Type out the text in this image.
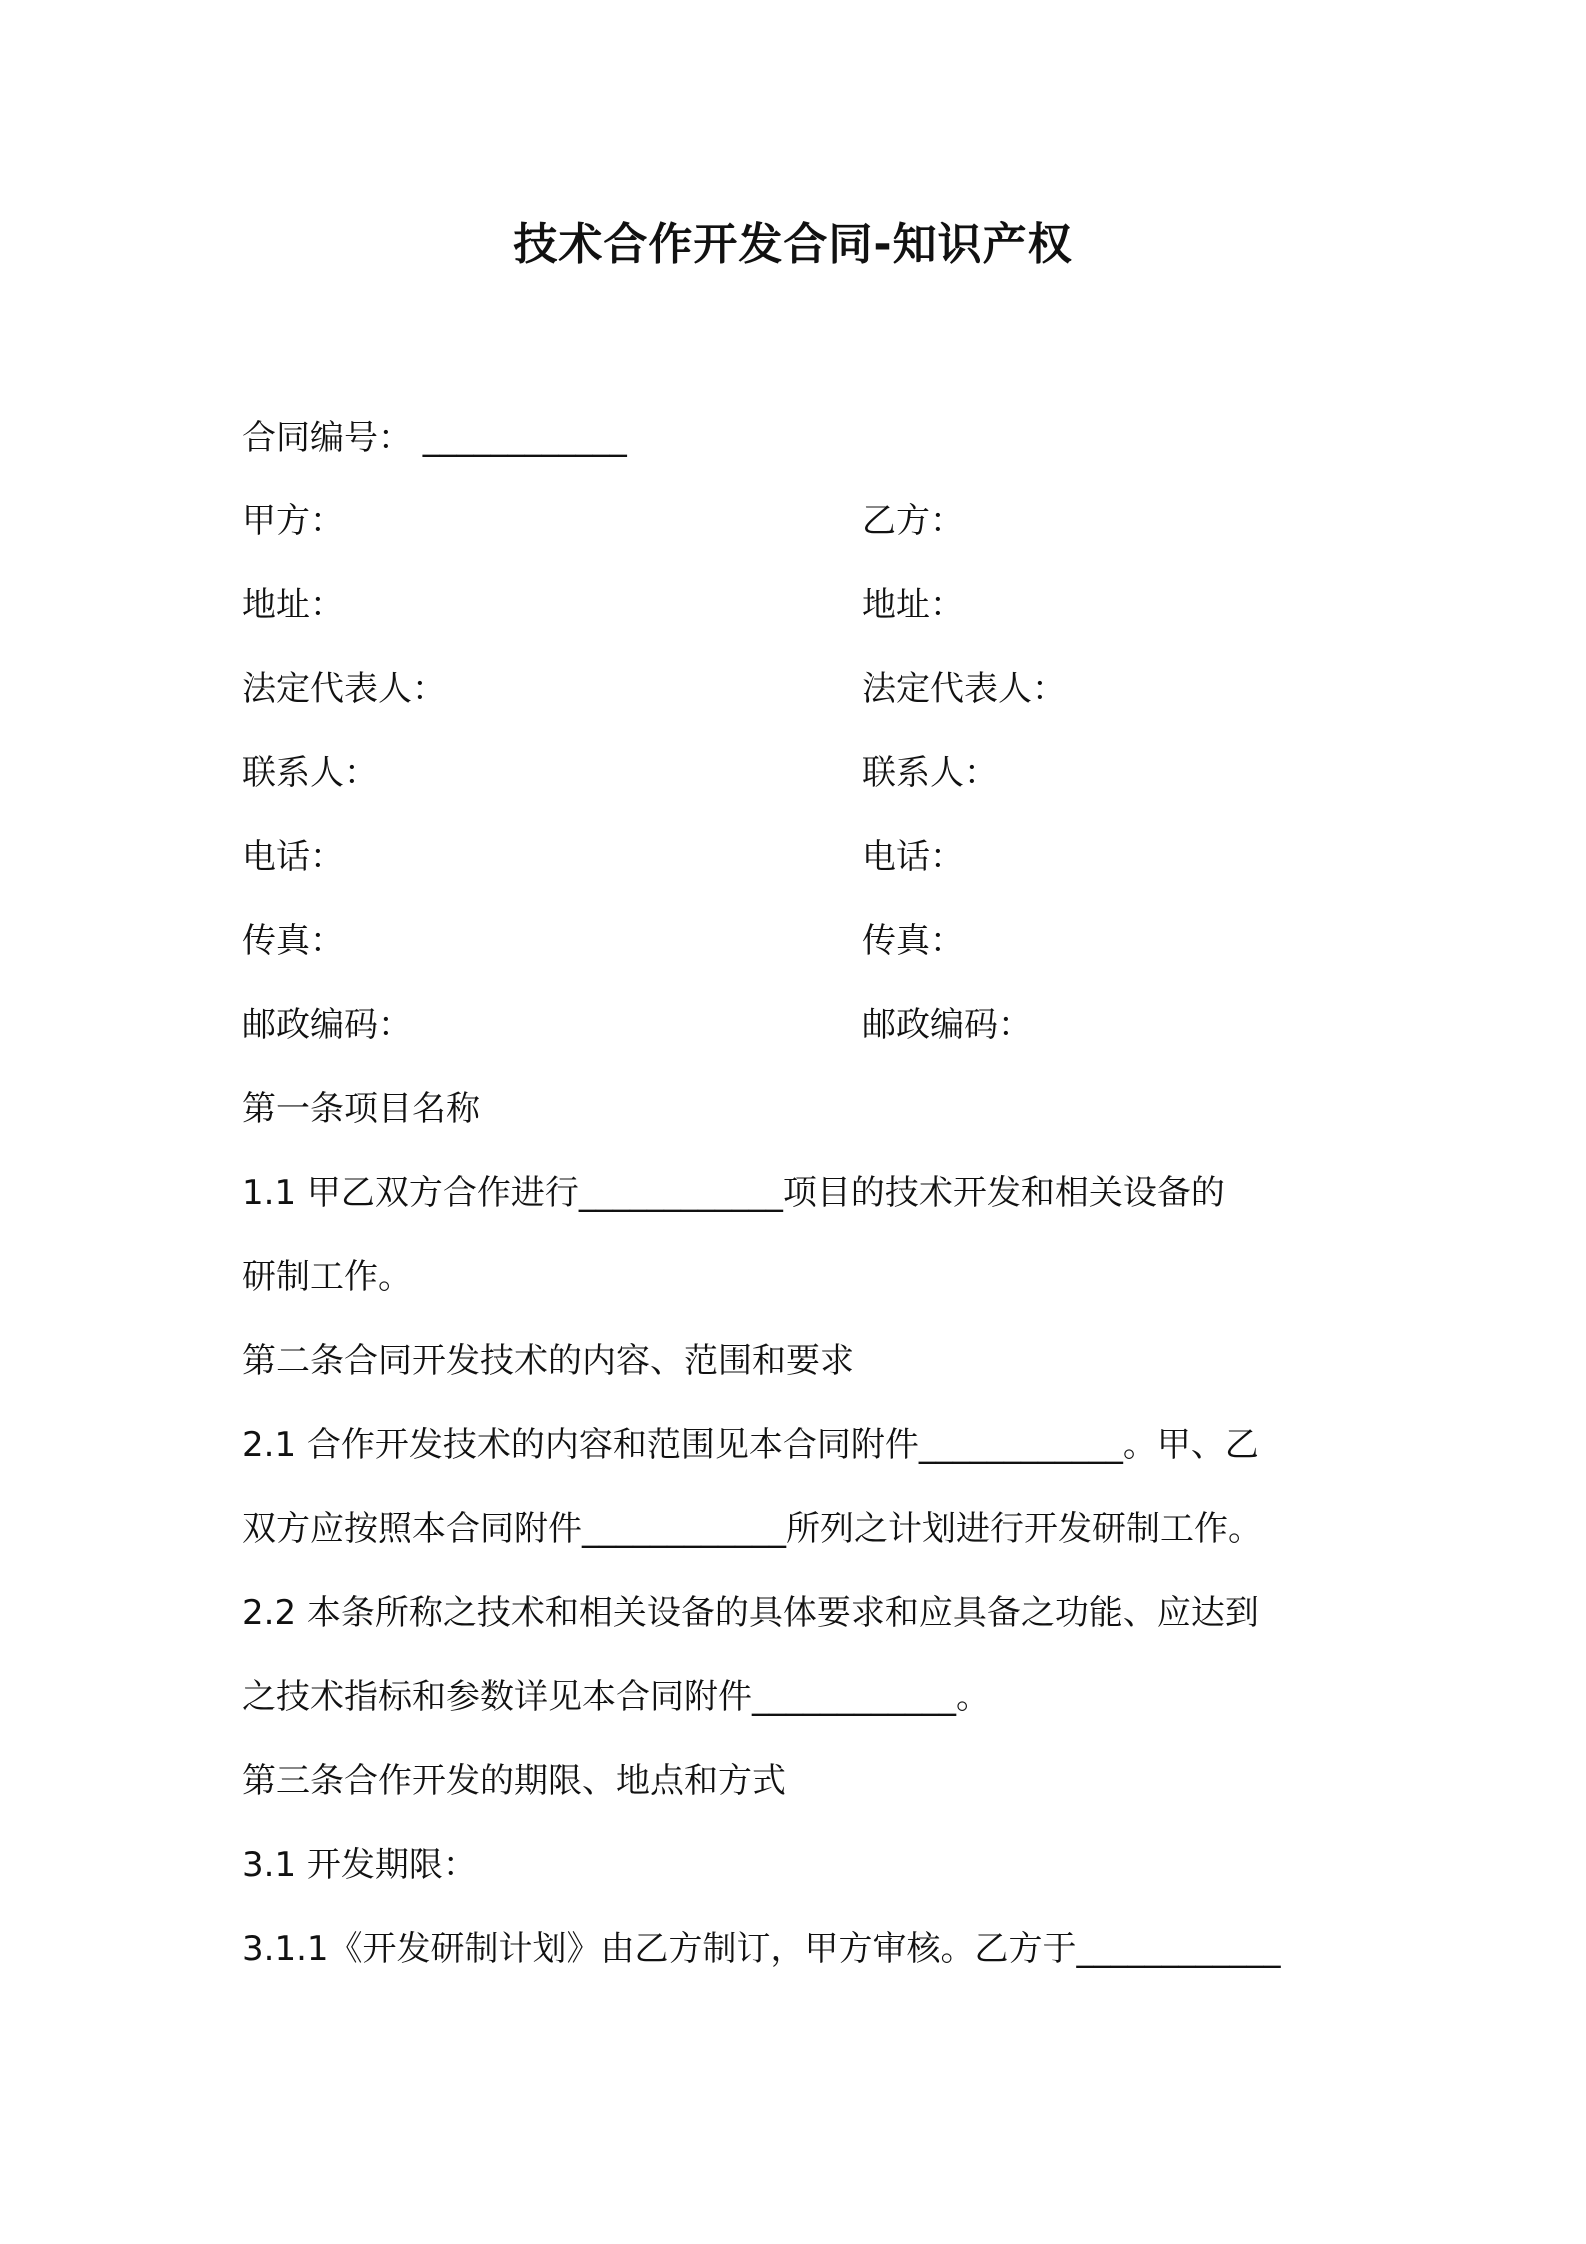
技术合作开发合同-知识产权
合同编号： ____________
甲方：
地址：
法定代表人：
联系人：
电话：
传真：
邮政编码：
乙方：
地址：
法定代表人：
联系人：
电话：
传真：
邮政编码：
第一条项目名称
1.1 甲乙双方合作进行____________项目的技术开发和相关设备的
研制工作。
第二条合同开发技术的内容、范围和要求
2.1 合作开发技术的内容和范围见本合同附件____________。甲、乙
双方应按照本合同附件____________所列之计划进行开发研制工作。
2.2 本条所称之技术和相关设备的具体要求和应具备之功能、应达到
之技术指标和参数详见本合同附件____________。
第三条合作开发的期限、地点和方式
3.1 开发期限：
3.1.1《开发研制计划》由乙方制订，甲方审核。乙方于____________
